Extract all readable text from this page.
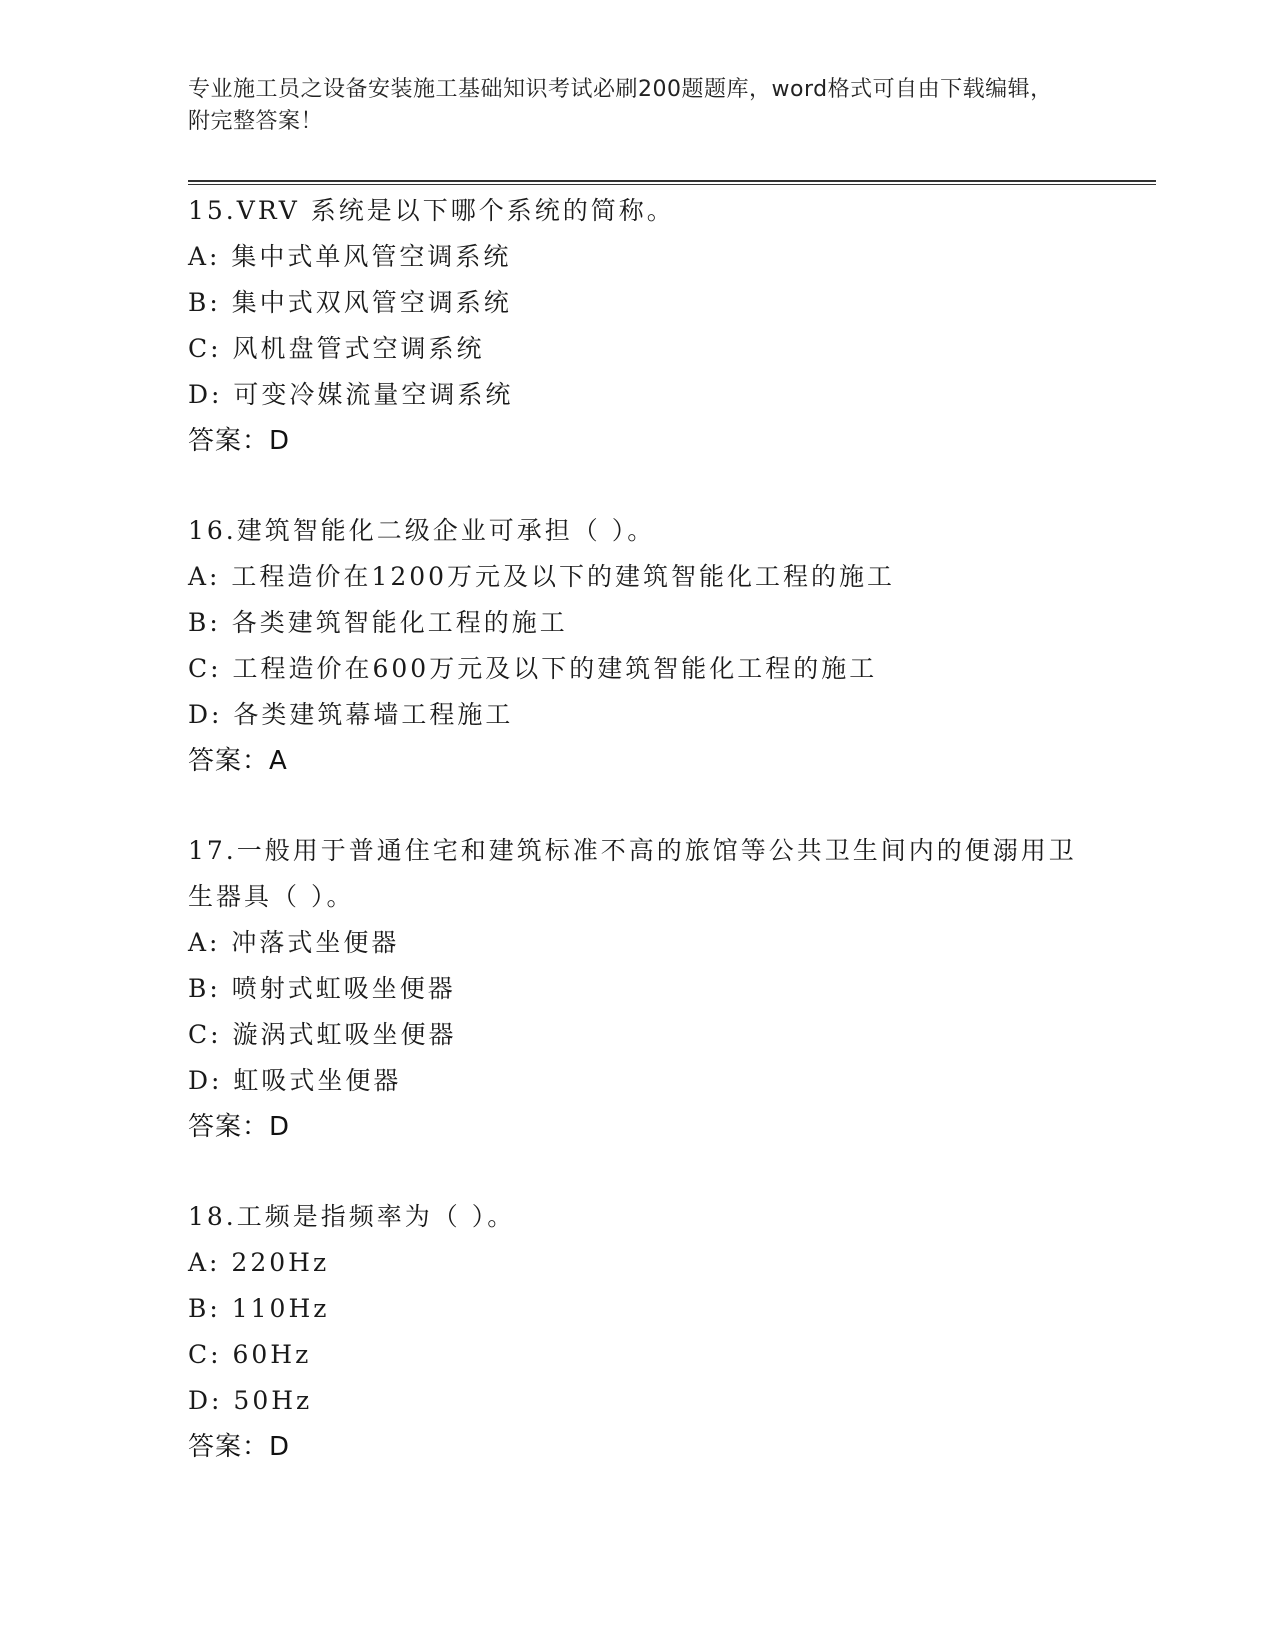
专业施工员之设备安装施工基础知识考试必刷200题题库，word格式可自由下载编辑，附完整答案！
15.VRV 系统是以下哪个系统的简称。
A: 集中式单风管空调系统
B: 集中式双风管空调系统
C: 风机盘管式空调系统
D: 可变冷媒流量空调系统
答案：D
16.建筑智能化二级企业可承担（ ）。
A: 工程造价在1200万元及以下的建筑智能化工程的施工
B: 各类建筑智能化工程的施工
C: 工程造价在600万元及以下的建筑智能化工程的施工
D: 各类建筑幕墙工程施工
答案：A
17.一般用于普通住宅和建筑标准不高的旅馆等公共卫生间内的便溺用卫生器具（ ）。
A: 冲落式坐便器
B: 喷射式虹吸坐便器
C: 漩涡式虹吸坐便器
D: 虹吸式坐便器
答案：D
18.工频是指频率为（ ）。
A: 220Hz
B: 110Hz
C: 60Hz
D: 50Hz
答案：D
